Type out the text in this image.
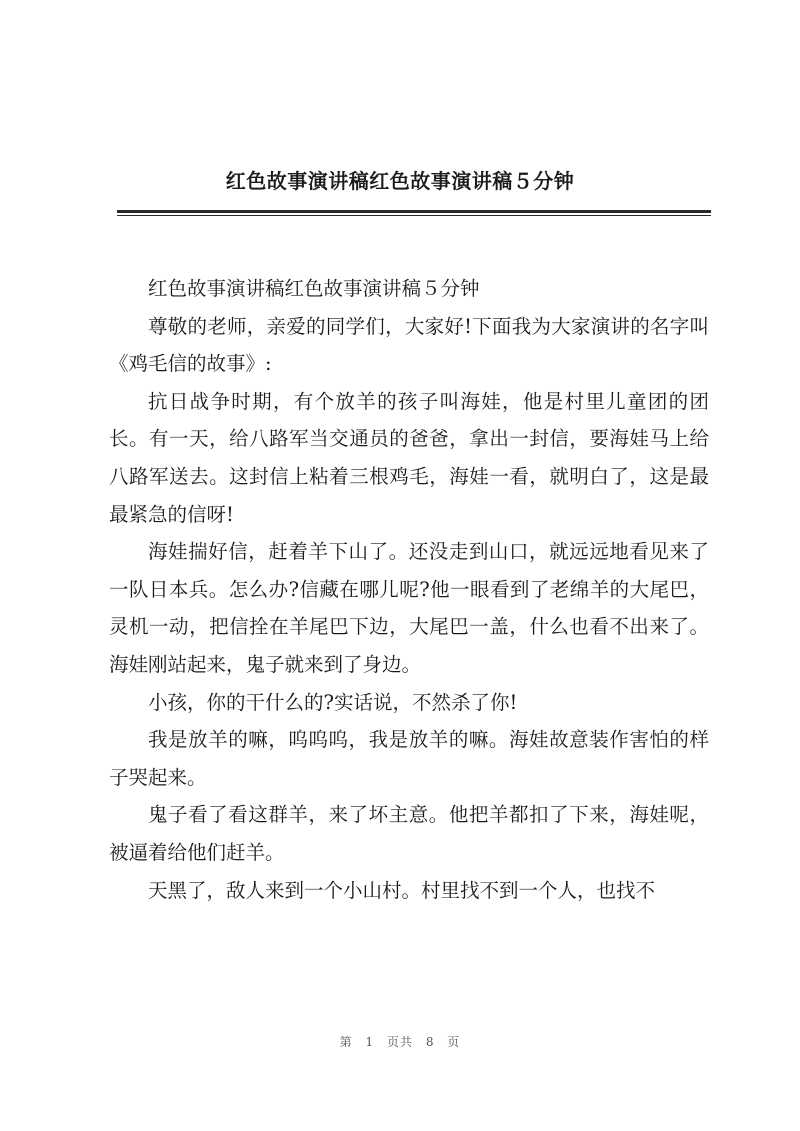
红色故事演讲稿红色故事演讲稿５分钟

红色故事演讲稿红色故事演讲稿５分钟

尊敬的老师，亲爱的同学们，大家好!下面我为大家演讲的名字叫《鸡毛信的故事》:

抗日战争时期，有个放羊的孩子叫海娃，他是村里儿童团的团长。有一天，给八路军当交通员的爸爸，拿出一封信，要海娃马上给八路军送去。这封信上粘着三根鸡毛，海娃一看，就明白了，这是最最紧急的信呀!

海娃揣好信，赶着羊下山了。还没走到山口，就远远地看见来了一队日本兵。怎么办?信藏在哪儿呢?他一眼看到了老绵羊的大尾巴，灵机一动，把信拴在羊尾巴下边，大尾巴一盖，什么也看不出来了。海娃刚站起来，鬼子就来到了身边。

小孩，你的干什么的?实话说，不然杀了你!

我是放羊的嘛，呜呜呜，我是放羊的嘛。海娃故意装作害怕的样子哭起来。

鬼子看了看这群羊，来了坏主意。他把羊都扣了下来，海娃呢，被逼着给他们赶羊。

天黑了，敌人来到一个小山村。村里找不到一个人，也找不

第 1 页共 8 页
